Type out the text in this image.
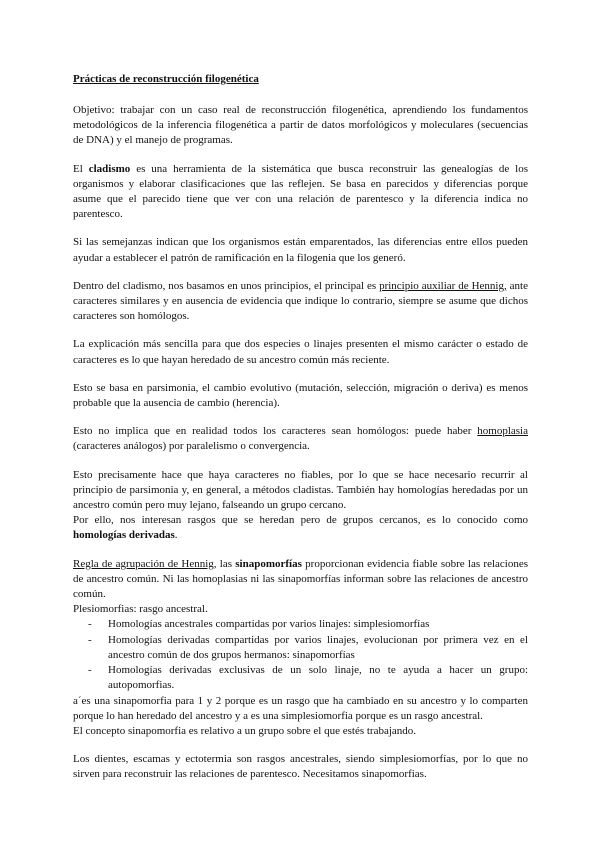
Prácticas de reconstrucción filogenética

Objetivo: trabajar con un caso real de reconstrucción filogenética, aprendiendo los fundamentos metodológicos de la inferencia filogenética a partir de datos morfológicos y moleculares (secuencias de DNA) y el manejo de programas.

El cladismo es una herramienta de la sistemática que busca reconstruir las genealogías de los organismos y elaborar clasificaciones que las reflejen. Se basa en parecidos y diferencias porque asume que el parecido tiene que ver con una relación de parentesco y la diferencia indica no parentesco.

Si las semejanzas indican que los organismos están emparentados, las diferencias entre ellos pueden ayudar a establecer el patrón de ramificación en la filogenia que los generó.

Dentro del cladismo, nos basamos en unos principios, el principal es principio auxiliar de Hennig, ante caracteres similares y en ausencia de evidencia que indique lo contrario, siempre se asume que dichos caracteres son homólogos.

La explicación más sencilla para que dos especies o linajes presenten el mismo carácter o estado de caracteres es lo que hayan heredado de su ancestro común más reciente.

Esto se basa en parsimonia, el cambio evolutivo (mutación, selección, migración o deriva) es menos probable que la ausencia de cambio (herencia).

Esto no implica que en realidad todos los caracteres sean homólogos: puede haber homoplasia (caracteres análogos) por paralelismo o convergencia.

Esto precisamente hace que haya caracteres no fiables, por lo que se hace necesario recurrir al principio de parsimonia y, en general, a métodos cladistas. También hay homologías heredadas por un ancestro común pero muy lejano, falseando un grupo cercano.

Por ello, nos interesan rasgos que se heredan pero de grupos cercanos, es lo conocido como homologías derivadas.

Regla de agrupación de Hennig, las sinapomorfías proporcionan evidencia fiable sobre las relaciones de ancestro común. Ni las homoplasias ni las sinapomorfías informan sobre las relaciones de ancestro común.

Plesiomorfias: rasgo ancestral.

- Homologías ancestrales compartidas por varios linajes: simplesiomorfías
- Homologías derivadas compartidas por varios linajes, evolucionan por primera vez en el ancestro común de dos grupos hermanos: sinapomorfías
- Homologías derivadas exclusivas de un solo linaje, no te ayuda a hacer un grupo: autopomorfias.

a´es una sinapomorfia para 1 y 2 porque es un rasgo que ha cambiado en su ancestro y lo comparten porque lo han heredado del ancestro y a es una simplesiomorfia porque es un rasgo ancestral.

El concepto sinapomorfia es relativo a un grupo sobre el que estés trabajando.

Los dientes, escamas y ectotermia son rasgos ancestrales, siendo simplesiomorfías, por lo que no sirven para reconstruir las relaciones de parentesco. Necesitamos sinapomorfias.
